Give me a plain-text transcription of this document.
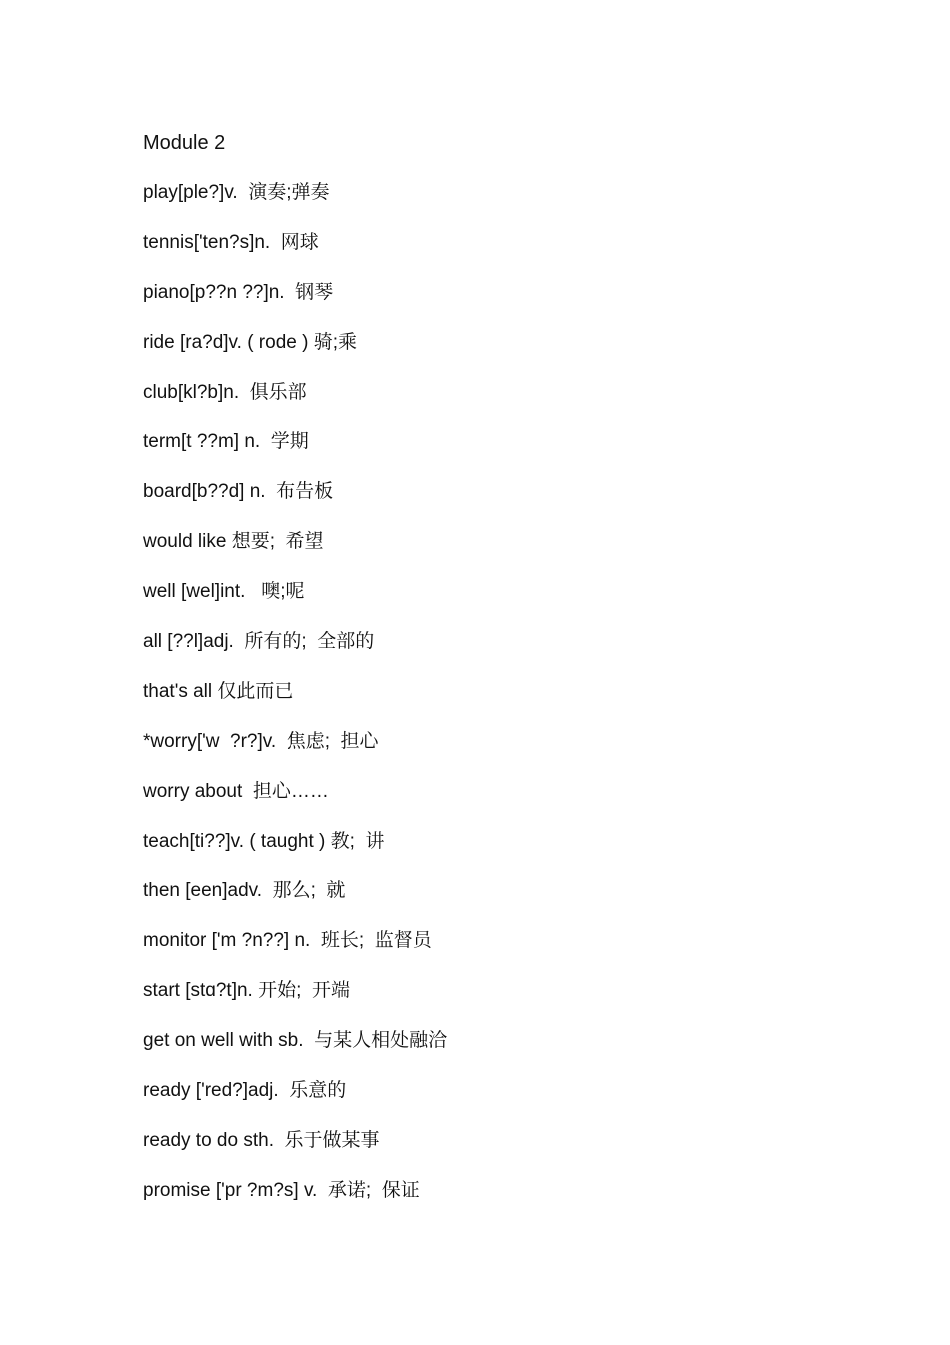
Module 2
play[ple?]v.  演奏;弹奏
tennis['ten?s]n.  网球
piano[p??n ??]n.  钢琴
ride [ra?d]v. ( rode ) 骑;乘
club[kl?b]n.  俱乐部
term[t ??m] n.  学期
board[b??d] n.  布告板
would like 想要;  希望
well [wel]int.   噢;呢
all [??l]adj.  所有的;  全部的
that's all 仅此而已
*worry['w  ?r?]v.  焦虑;  担心
worry about  担心……
teach[ti??]v. ( taught ) 教;  讲
then [een]adv.  那么;  就
monitor ['m ?n??] n.  班长;  监督员
start [stɑ?t]n. 开始;  开端
get on well with sb.  与某人相处融洽
ready ['red?]adj.  乐意的
ready to do sth.  乐于做某事
promise ['pr ?m?s] v.  承诺;  保证
